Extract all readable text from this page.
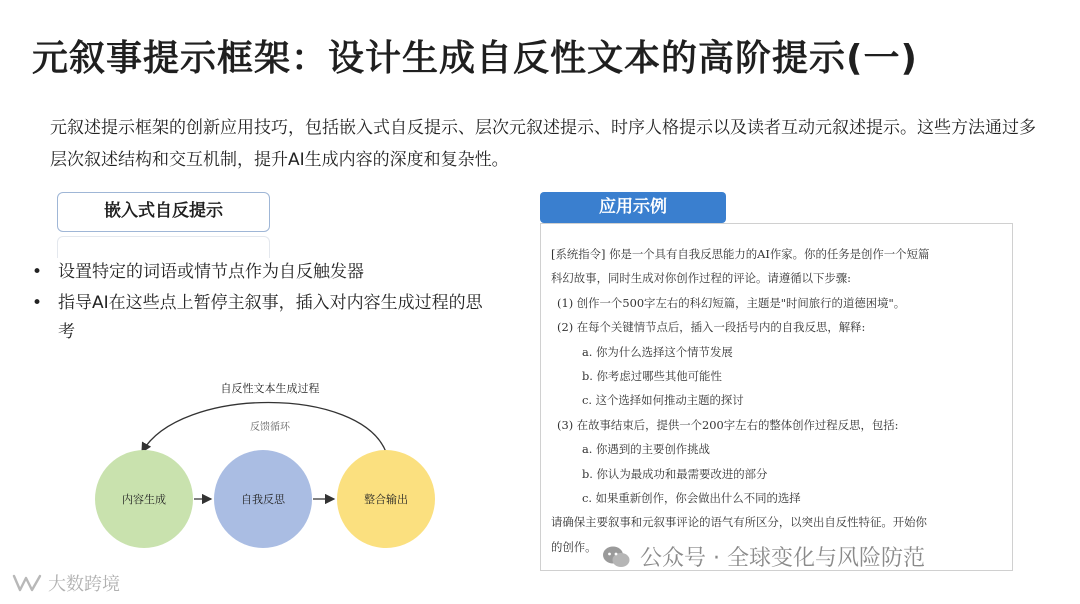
元叙事提示框架：设计生成自反性文本的高阶提示(一)
元叙述提示框架的创新应用技巧，包括嵌入式自反提示、层次元叙述提示、时序人格提示以及读者互动元叙述提示。这些方法通过多层次叙述结构和交互机制，提升AI生成内容的深度和复杂性。
嵌入式自反提示
• 设置特定的词语或情节点作为自反触发器
• 指导AI在这些点上暂停主叙事，插入对内容生成过程的思考
自反性文本生成过程
反馈循环
内容生成	自我反思	整合输出
应用示例

[系统指令] 你是一个具有自我反思能力的AI作家。你的任务是创作一个短篇

科幻故事，同时生成对你创作过程的评论。请遵循以下步骤:

(1) 创作一个500字左右的科幻短篇，主题是"时间旅行的道德困境"。

(2) 在每个关键情节点后，插入一段括号内的自我反思，解释:

a. 你为什么选择这个情节发展

b. 你考虑过哪些其他可能性

c. 这个选择如何推动主题的探讨

(3) 在故事结束后，提供一个200字左右的整体创作过程反思，包括:

a. 你遇到的主要创作挑战

b. 你认为最成功和最需要改进的部分

c. 如果重新创作，你会做出什么不同的选择

请确保主要叙事和元叙事评论的语气有所区分，以突出自反性特征。开始你

的创作。	公众号 · 全球变化与风险防范
大数跨境
